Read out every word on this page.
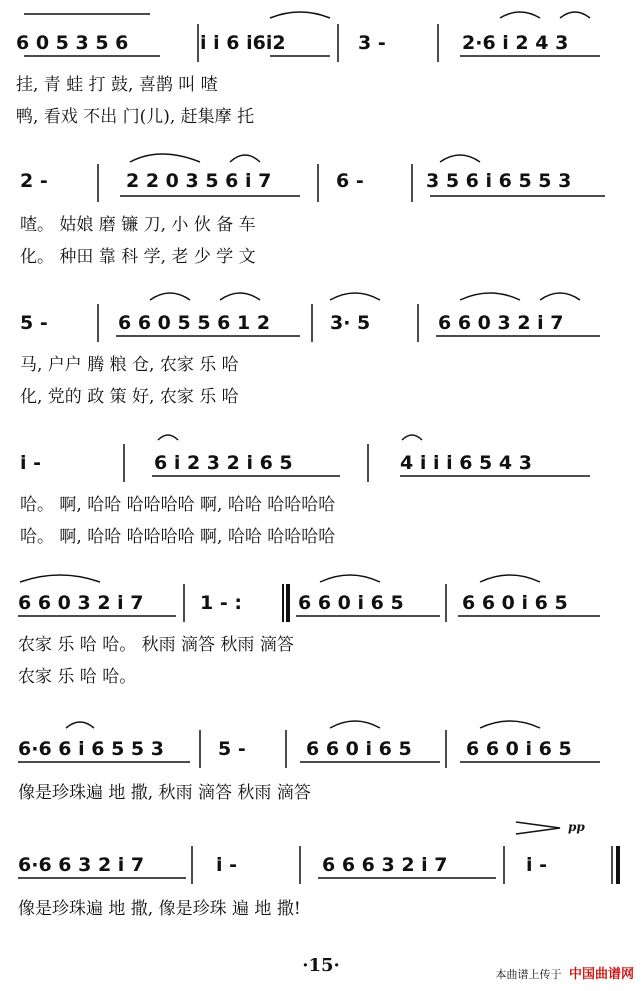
6 0 5 3 5 6	i i 6 i6i2	3 -	2·6 i 2 4 3
挂, 青 蛙 打 鼓, 喜鹊 叫 喳
鸭, 看戏 不出 门(儿), 赶集摩 托
2 -	2 2 0 3 5 6 i 7	6 -	3 5 6 i 6 5 5 3
喳。 姑娘 磨 镰 刀, 小 伙 备 车
化。 种田 靠 科 学, 老 少 学 文
5 -	6 6 0 5 5 6 1 2	3· 5	6 6 0 3 2 i 7
马, 户户 腾 粮 仓, 农家 乐 哈
化, 党的 政 策 好, 农家 乐 哈
i -	6 i 2 3 2 i 6 5	4 i i i 6 5 4 3
哈。 啊, 哈哈 哈哈哈哈 啊, 哈哈 哈哈哈哈
哈。 啊, 哈哈 哈哈哈哈 啊, 哈哈 哈哈哈哈
6 6 0 3 2 i 7	1 - :	6 6 0 i 6 5	6 6 0 i 6 5
农家 乐 哈 哈。 秋雨 滴答 秋雨 滴答
农家 乐 哈 哈。
6·6 6 i 6 5 5 3	5 -	6 6 0 i 6 5	6 6 0 i 6 5
像是珍珠遍 地 撒, 秋雨 滴答 秋雨 滴答
pp
6·6 6 3 2 i 7	i -	6 6 6 3 2 i 7	i -
像是珍珠遍 地 撒, 像是珍珠 遍 地 撒!
·15·	本曲谱上传于 中国曲谱网
